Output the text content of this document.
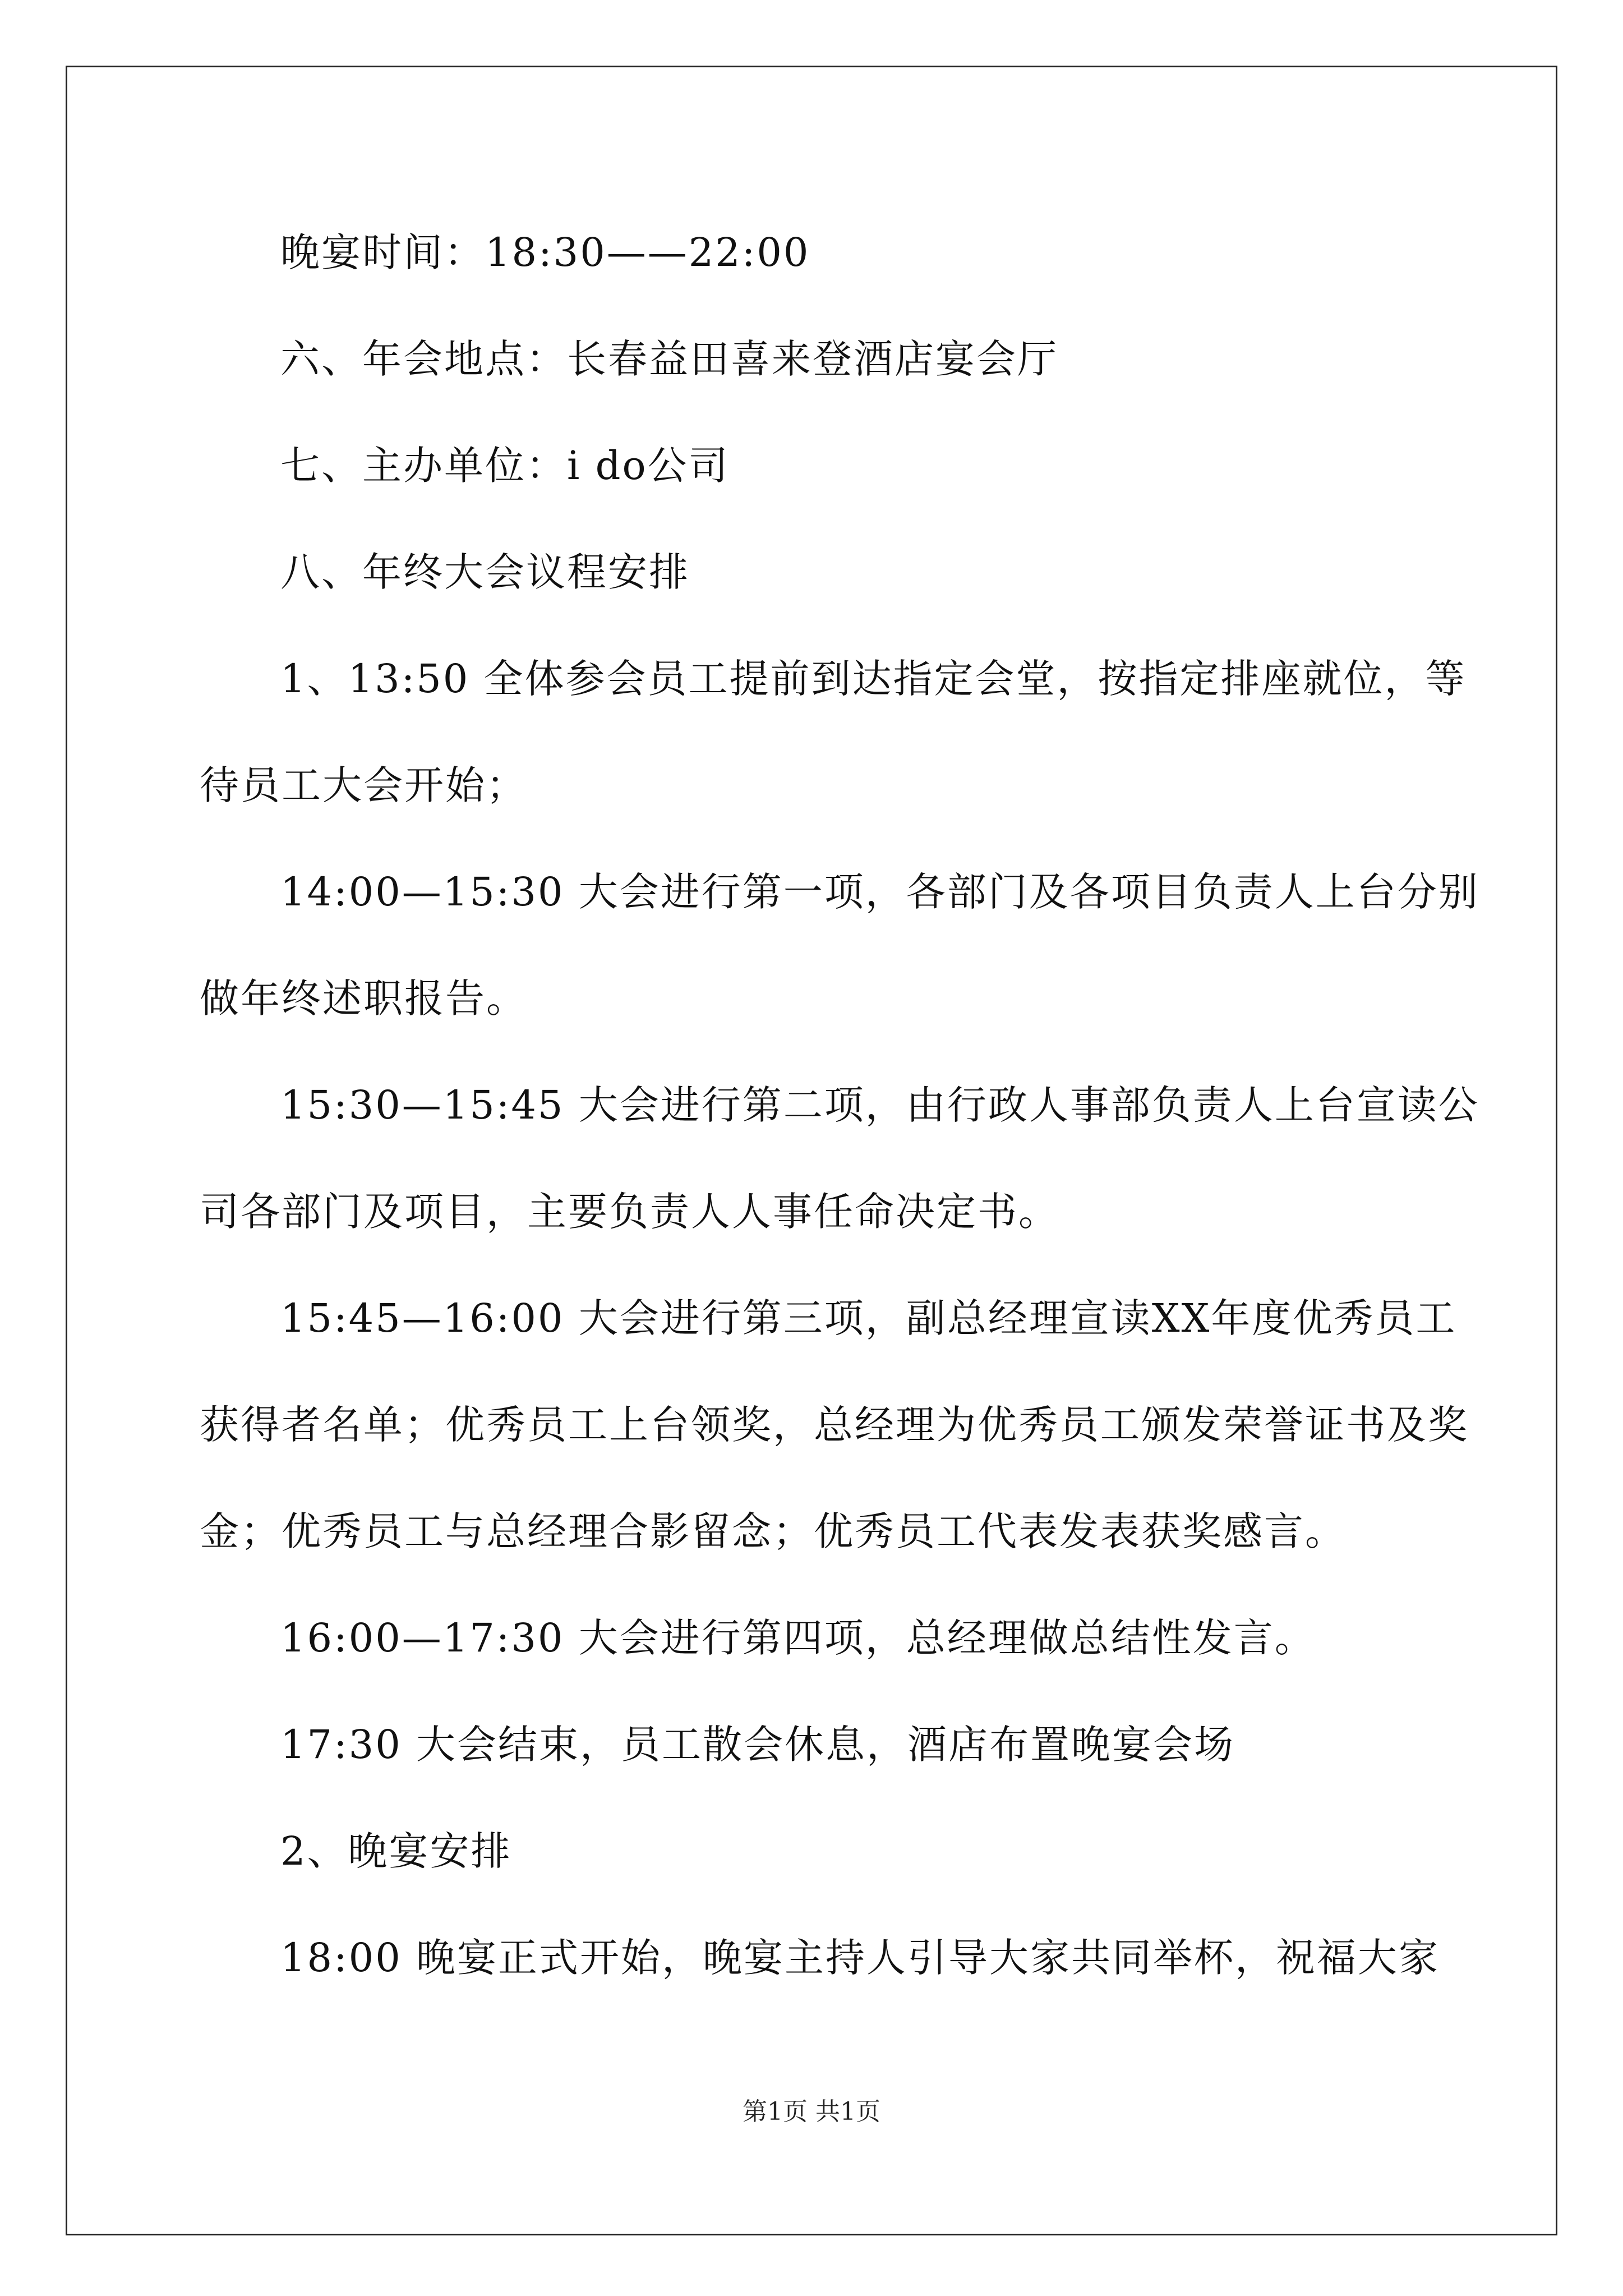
晚宴时间：18:30——22:00
六、年会地点：长春益田喜来登酒店宴会厅
七、主办单位：i do公司
八、年终大会议程安排
1、13:50 全体参会员工提前到达指定会堂，按指定排座就位，等
待员工大会开始；
14:00—15:30 大会进行第一项，各部门及各项目负责人上台分别
做年终述职报告。
15:30—15:45 大会进行第二项，由行政人事部负责人上台宣读公
司各部门及项目，主要负责人人事任命决定书。
15:45—16:00 大会进行第三项，副总经理宣读XX年度优秀员工
获得者名单；优秀员工上台领奖，总经理为优秀员工颁发荣誉证书及奖
金；优秀员工与总经理合影留念；优秀员工代表发表获奖感言。
16:00—17:30 大会进行第四项，总经理做总结性发言。
17:30 大会结束，员工散会休息，酒店布置晚宴会场
2、晚宴安排
18:00 晚宴正式开始，晚宴主持人引导大家共同举杯，祝福大家
第1页 共1页
